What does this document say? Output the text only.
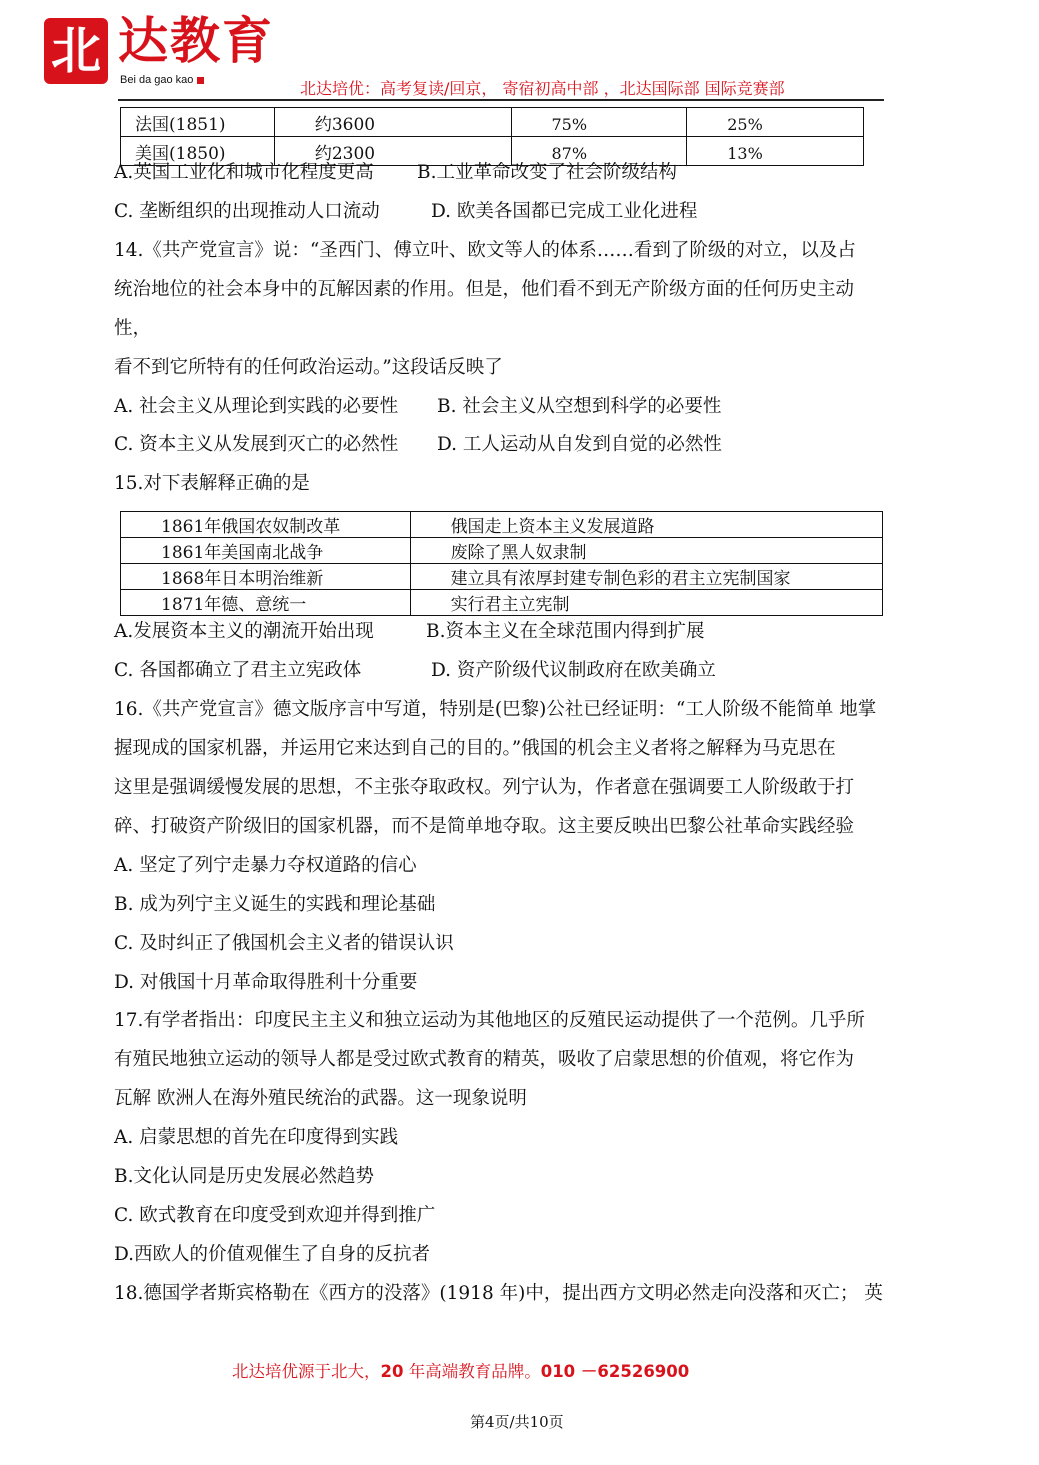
北 达教育
Bei da gao kao	北达培优：高考复读/回京， 寄宿初高中部 ，北达国际部 国际竞赛部
法国(1851)	约3600	75%	25%
美国(1850)	约2300	87%	13%
A.英国工业化和城市化程度更高 B.工业革命改变了社会阶级结构
C. 垄断组织的出现推动人口流动	D. 欧美各国都已完成工业化进程
14.《共产党宣言》说：“圣西门、傅立叶、欧文等人的体系……看到了阶级的对立，以及占
统治地位的社会本身中的瓦解因素的作用。但是，他们看不到无产阶级方面的任何历史主动
性，
看不到它所特有的任何政治运动。”这段话反映了
A. 社会主义从理论到实践的必要性 B. 社会主义从空想到科学的必要性
C. 资本主义从发展到灭亡的必然性 D. 工人运动从自发到自觉的必然性
15.对下表解释正确的是
1861年俄国农奴制改革	俄国走上资本主义发展道路
1861年美国南北战争	废除了黑人奴隶制
1868年日本明治维新	建立具有浓厚封建专制色彩的君主立宪制国家
1871年德、意统一	实行君主立宪制
A.发展资本主义的潮流开始出现	B.资本主义在全球范围内得到扩展
C. 各国都确立了君主立宪政体	D. 资产阶级代议制政府在欧美确立
16.《共产党宣言》德文版序言中写道，特别是(巴黎)公社已经证明：“工人阶级不能简单 地掌
握现成的国家机器，并运用它来达到自己的目的。”俄国的机会主义者将之解释为马克思在
这里是强调缓慢发展的思想，不主张夺取政权。列宁认为，作者意在强调要工人阶级敢于打
碎、打破资产阶级旧的国家机器，而不是简单地夺取。这主要反映出巴黎公社革命实践经验
A. 坚定了列宁走暴力夺权道路的信心
B. 成为列宁主义诞生的实践和理论基础
C. 及时纠正了俄国机会主义者的错误认识
D. 对俄国十月革命取得胜利十分重要
17.有学者指出：印度民主主义和独立运动为其他地区的反殖民运动提供了一个范例。几乎所
有殖民地独立运动的领导人都是受过欧式教育的精英，吸收了启蒙思想的价值观，将它作为
瓦解 欧洲人在海外殖民统治的武器。这一现象说明
A. 启蒙思想的首先在印度得到实践
B.文化认同是历史发展必然趋势
C. 欧式教育在印度受到欢迎并得到推广
D.西欧人的价值观催生了自身的反抗者
18.德国学者斯宾格勒在《西方的没落》(1918 年)中，提出西方文明必然走向没落和灭亡； 英
北达培优源于北大，20 年高端教育品牌。010 －62526900
第4页/共10页
